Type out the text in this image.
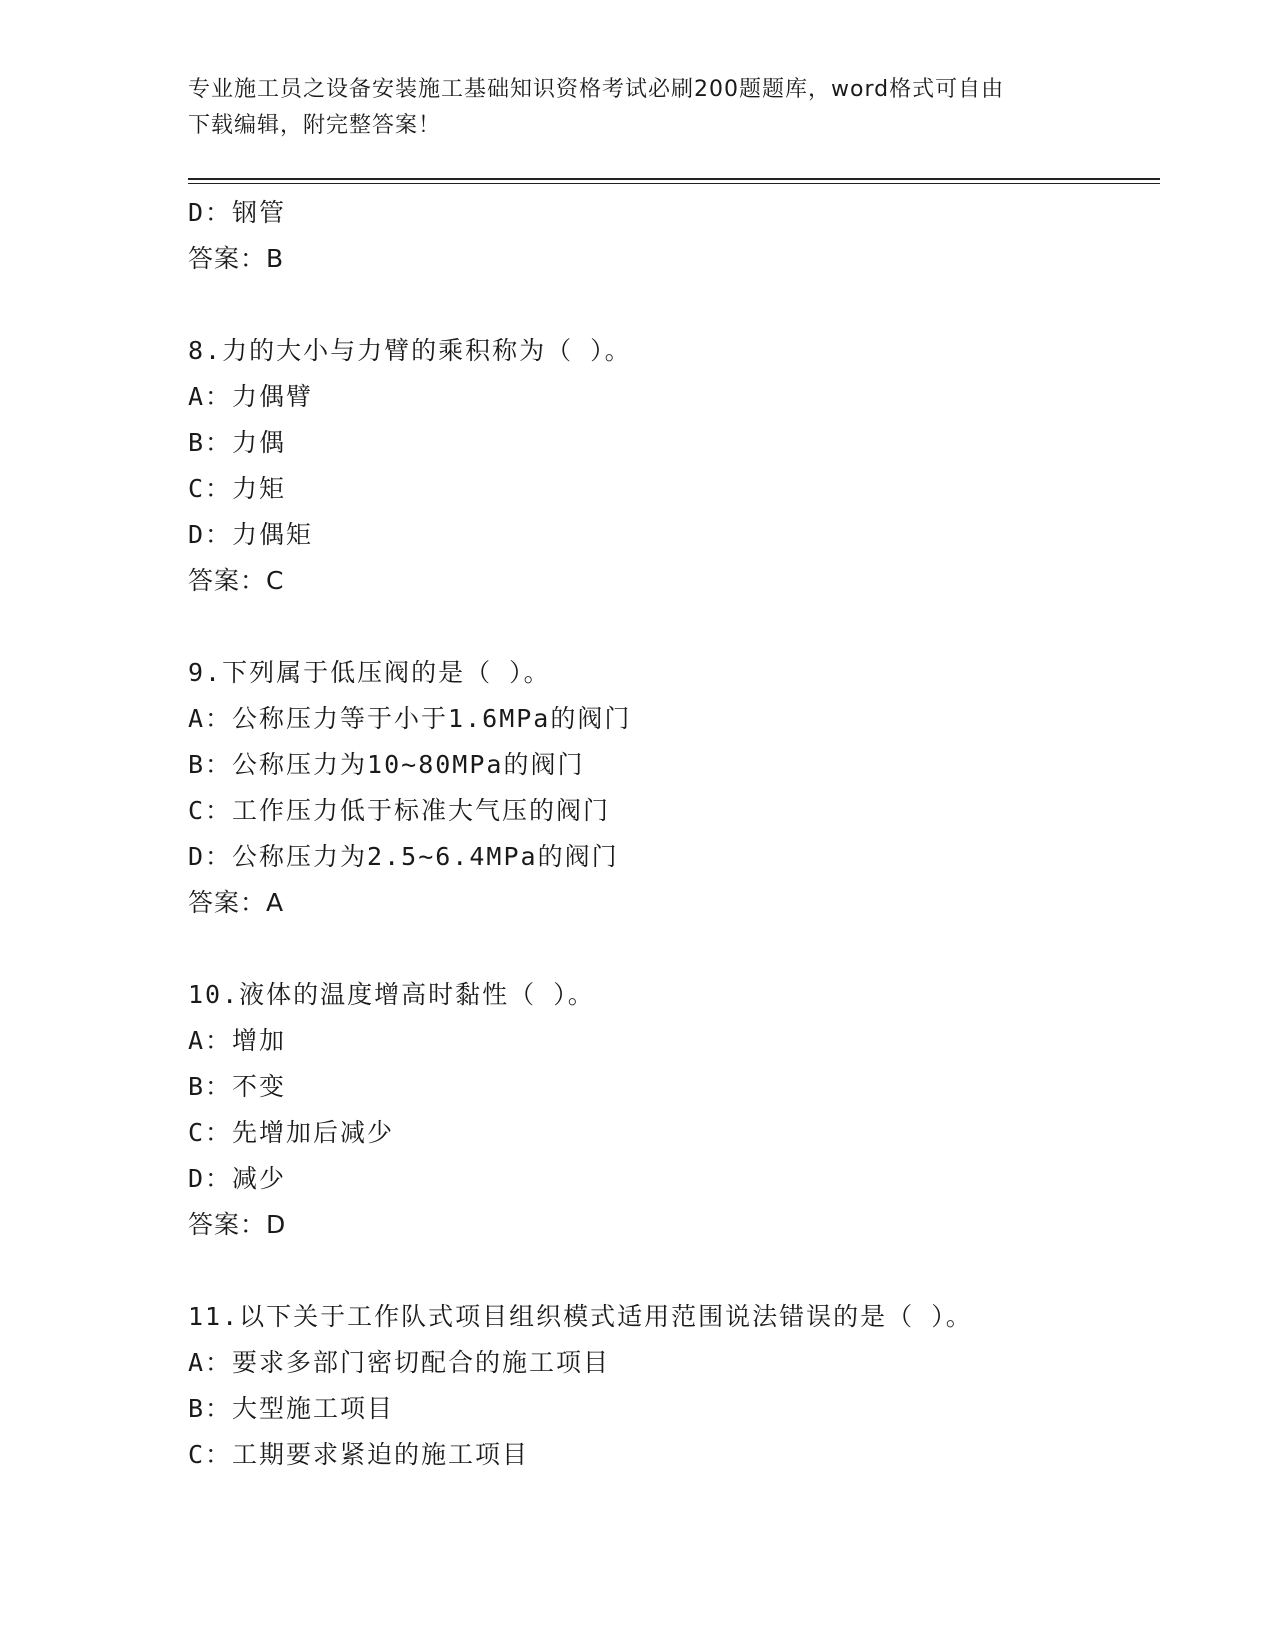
专业施工员之设备安装施工基础知识资格考试必刷200题题库，word格式可自由
下载编辑，附完整答案！
D：钢管
答案：B
8.力的大小与力臂的乘积称为（ ）。
A：力偶臂
B：力偶
C：力矩
D：力偶矩
答案：C
9.下列属于低压阀的是（ ）。
A：公称压力等于小于1.6MPa的阀门
B：公称压力为10~80MPa的阀门
C：工作压力低于标准大气压的阀门
D：公称压力为2.5~6.4MPa的阀门
答案：A
10.液体的温度增高时黏性（ ）。
A：增加
B：不变
C：先增加后减少
D：减少
答案：D
11.以下关于工作队式项目组织模式适用范围说法错误的是（ ）。
A：要求多部门密切配合的施工项目
B：大型施工项目
C：工期要求紧迫的施工项目
